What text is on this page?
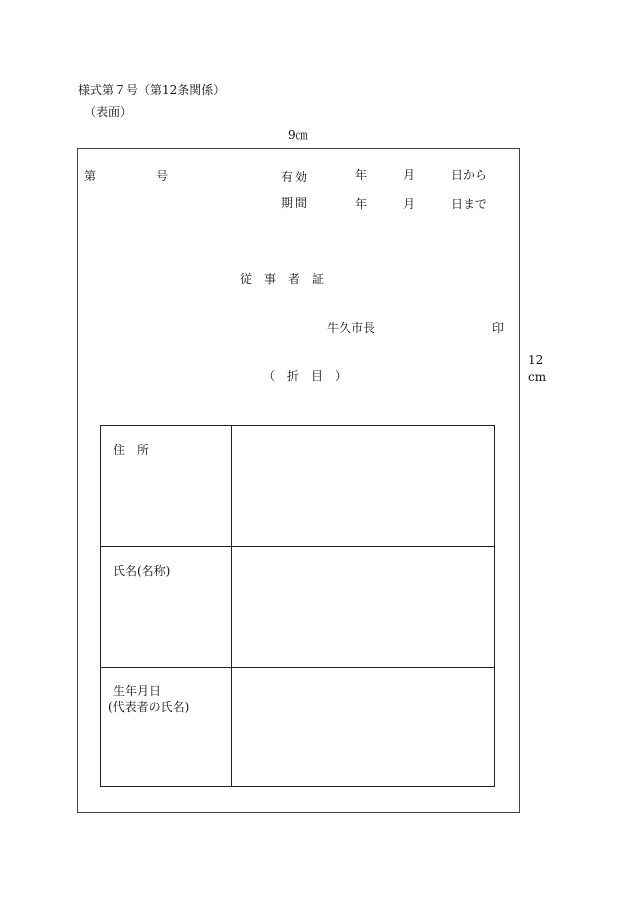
様式第７号（第12条関係）
（表面）
9㎝
12
cm
第	号	有効	年	月	日から
期間	年	月	日まで
従　事　者　証
牛久市長	印
（　折　目　）
住　所
氏名(名称)
生年月日
(代表者の氏名)
